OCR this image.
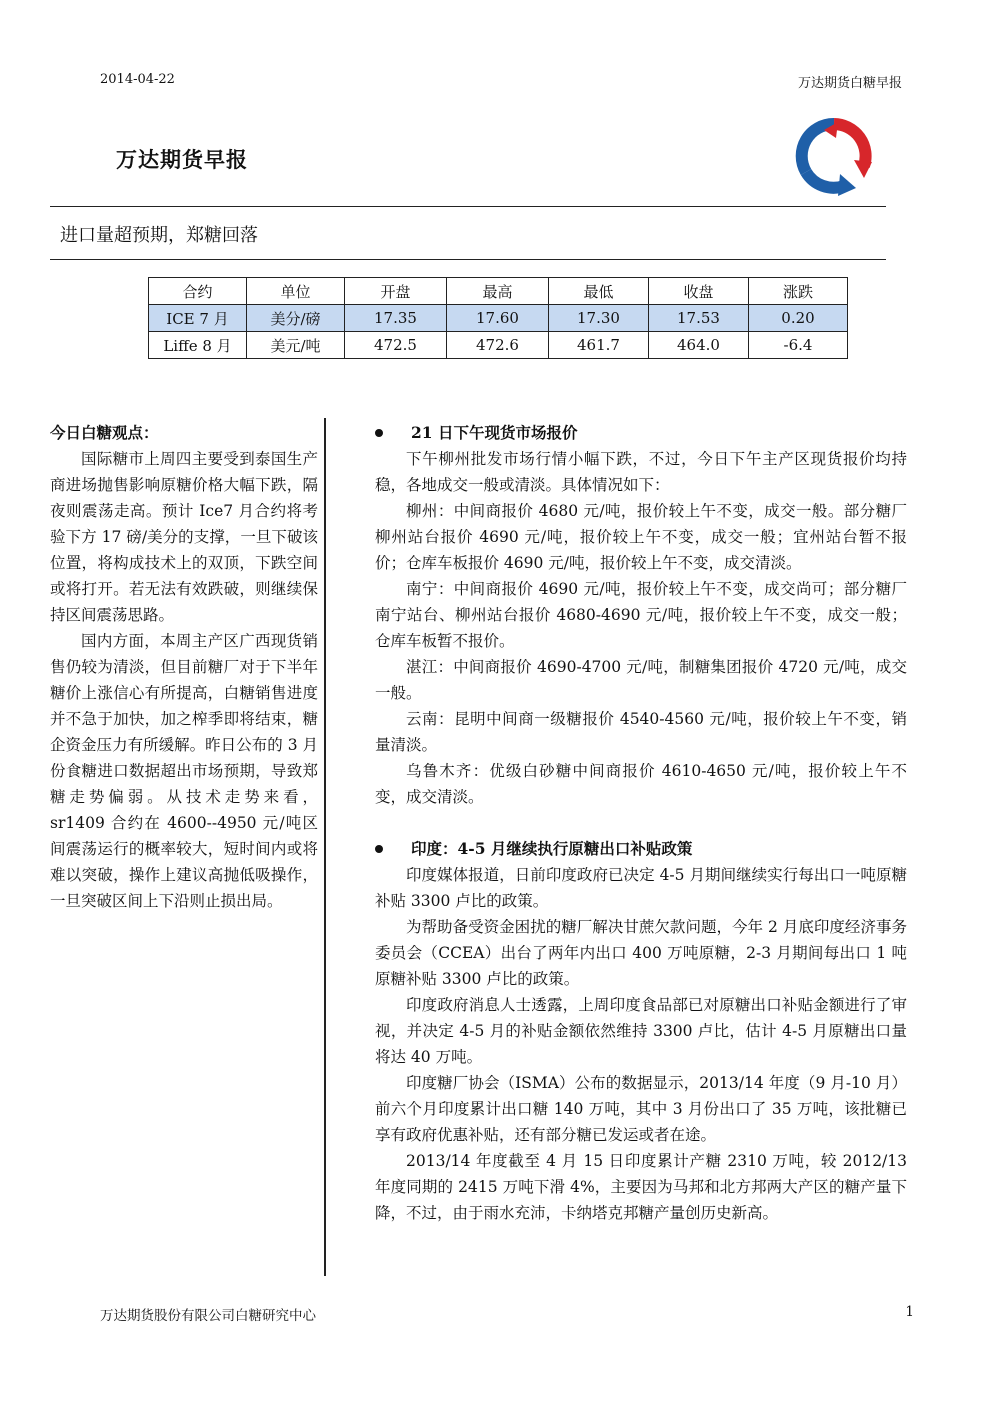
2014-04-22	万达期货白糖早报
万达期货早报
进口量超预期，郑糖回落
合约	单位	开盘	最高	最低	收盘	涨跌
ICE 7 月	美分/磅	17.35	17.60	17.30	17.53	0.20
Liffe 8 月	美元/吨	472.5	472.6	461.7	464.0	-6.4

今日白糖观点：

国际糖市上周四主要受到泰国生产商进场抛售影响原糖价格大幅下跌，隔夜则震荡走高。预计 Ice7 月合约将考验下方 17 磅/美分的支撑，一旦下破该位置，将构成技术上的双顶，下跌空间或将打开。若无法有效跌破，则继续保持区间震荡思路。

国内方面，本周主产区广西现货销售仍较为清淡，但目前糖厂对于下半年糖价上涨信心有所提高，白糖销售进度并不急于加快，加之榨季即将结束，糖企资金压力有所缓解。昨日公布的 3 月份食糖进口数据超出市场预期，导致郑糖走势偏弱。从技术走势来看，sr1409 合约在 4600--4950 元/吨区间震荡运行的概率较大，短时间内或将难以突破，操作上建议高抛低吸操作，一旦突破区间上下沿则止损出局。

21 日下午现货市场报价

下午柳州批发市场行情小幅下跌，不过，今日下午主产区现货报价均持稳，各地成交一般或清淡。具体情况如下：

柳州：中间商报价 4680 元/吨，报价较上午不变，成交一般。部分糖厂柳州站台报价 4690 元/吨，报价较上午不变，成交一般；宜州站台暂不报价；仓库车板报价 4690 元/吨，报价较上午不变，成交清淡。

南宁：中间商报价 4690 元/吨，报价较上午不变，成交尚可；部分糖厂南宁站台、柳州站台报价 4680-4690 元/吨，报价较上午不变，成交一般；仓库车板暂不报价。

湛江：中间商报价 4690-4700 元/吨，制糖集团报价 4720 元/吨，成交一般。

云南：昆明中间商一级糖报价 4540-4560 元/吨，报价较上午不变，销量清淡。

乌鲁木齐：优级白砂糖中间商报价 4610-4650 元/吨，报价较上午不变，成交清淡。

印度：4-5 月继续执行原糖出口补贴政策

印度媒体报道，日前印度政府已决定 4-5 月期间继续实行每出口一吨原糖补贴 3300 卢比的政策。

为帮助备受资金困扰的糖厂解决甘蔗欠款问题，今年 2 月底印度经济事务委员会（CCEA）出台了两年内出口 400 万吨原糖，2-3 月期间每出口 1 吨原糖补贴 3300 卢比的政策。

印度政府消息人士透露，上周印度食品部已对原糖出口补贴金额进行了审视，并决定 4-5 月的补贴金额依然维持 3300 卢比，估计 4-5 月原糖出口量将达 40 万吨。

印度糖厂协会（ISMA）公布的数据显示，2013/14 年度（9 月-10 月）前六个月印度累计出口糖 140 万吨，其中 3 月份出口了 35 万吨，该批糖已享有政府优惠补贴，还有部分糖已发运或者在途。

2013/14 年度截至 4 月 15 日印度累计产糖 2310 万吨，较 2012/13 年度同期的 2415 万吨下滑 4%，主要因为马邦和北方邦两大产区的糖产量下降，不过，由于雨水充沛，卡纳塔克邦糖产量创历史新高。

万达期货股份有限公司白糖研究中心	1
